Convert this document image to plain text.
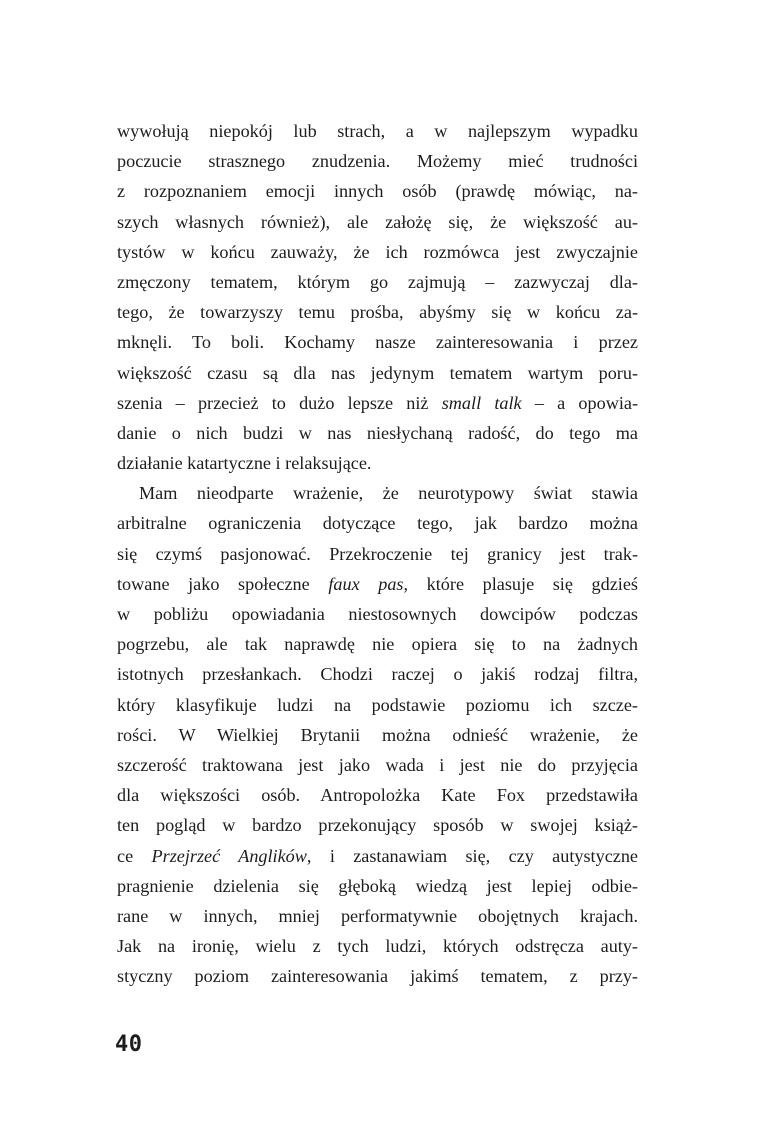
wywołują niepokój lub strach, a w najlepszym wypadku
poczucie strasznego znudzenia. Możemy mieć trudności
z rozpoznaniem emocji innych osób (prawdę mówiąc, na-
szych własnych również), ale założę się, że większość au-
tystów w końcu zauważy, że ich rozmówca jest zwyczajnie
zmęczony tematem, którym go zajmują – zazwyczaj dla-
tego, że towarzyszy temu prośba, abyśmy się w końcu za-
mknęli. To boli. Kochamy nasze zainteresowania i przez
większość czasu są dla nas jedynym tematem wartym poru-
szenia – przecież to dużo lepsze niż small talk – a opowia-
danie o nich budzi w nas niesłychaną radość, do tego ma
działanie katartyczne i relaksujące.
Mam nieodparte wrażenie, że neurotypowy świat stawia
arbitralne ograniczenia dotyczące tego, jak bardzo można
się czymś pasjonować. Przekroczenie tej granicy jest trak-
towane jako społeczne faux pas, które plasuje się gdzieś
w pobliżu opowiadania niestosownych dowcipów podczas
pogrzebu, ale tak naprawdę nie opiera się to na żadnych
istotnych przesłankach. Chodzi raczej o jakiś rodzaj filtra,
który klasyfikuje ludzi na podstawie poziomu ich szcze-
rości. W Wielkiej Brytanii można odnieść wrażenie, że
szczerość traktowana jest jako wada i jest nie do przyjęcia
dla większości osób. Antropolożka Kate Fox przedstawiła
ten pogląd w bardzo przekonujący sposób w swojej książ-
ce Przejrzeć Anglików, i zastanawiam się, czy autystyczne
pragnienie dzielenia się głęboką wiedzą jest lepiej odbie-
rane w innych, mniej performatywnie obojętnych krajach.
Jak na ironię, wielu z tych ludzi, których odstręcza auty-
styczny poziom zainteresowania jakimś tematem, z przy-
40
